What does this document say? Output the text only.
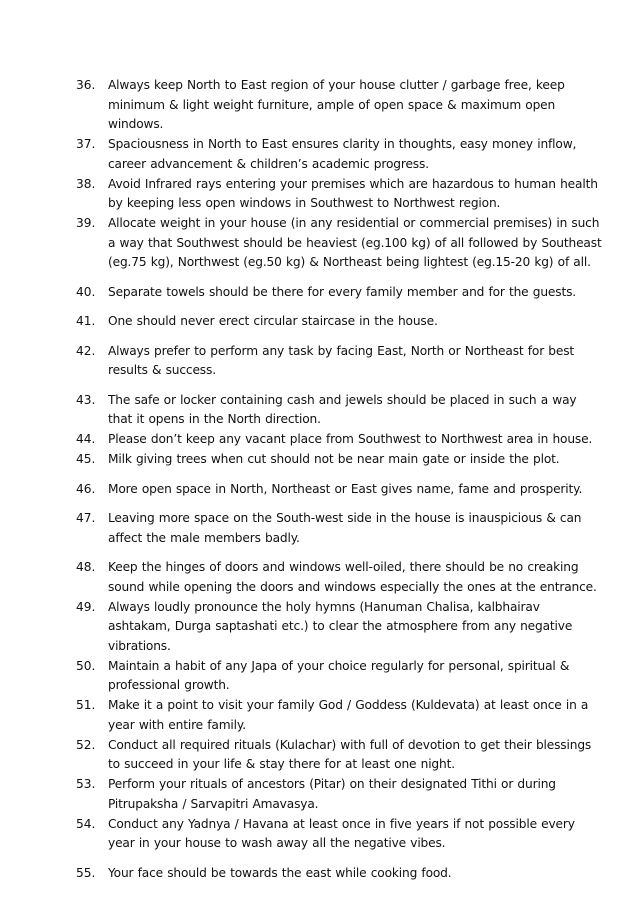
36.	Always keep North to East region of your house clutter / garbage free, keep minimum & light weight furniture, ample of open space & maximum open windows.
37.	Spaciousness in North to East ensures clarity in thoughts, easy money inflow, career advancement & children’s academic progress.
38.	Avoid Infrared rays entering your premises which are hazardous to human health by keeping less open windows in Southwest to Northwest region.
39.	Allocate weight in your house (in any residential or commercial premises) in such a way that Southwest should be heaviest (eg.100 kg) of all followed by Southeast (eg.75 kg), Northwest (eg.50 kg) & Northeast being lightest (eg.15-20 kg) of all.
40.	Separate towels should be there for every family member and for the guests.
41.	One should never erect circular staircase in the house.
42.	Always prefer to perform any task by facing East, North or Northeast for best results & success.
43.	The safe or locker containing cash and jewels should be placed in such a way that it opens in the North direction.
44.	Please don’t keep any vacant place from Southwest to Northwest area in house.
45.	Milk giving trees when cut should not be near main gate or inside the plot.
46.	More open space in North, Northeast or East gives name, fame and prosperity.
47.	Leaving more space on the South-west side in the house is inauspicious & can affect the male members badly.
48.	Keep the hinges of doors and windows well-oiled, there should be no creaking sound while opening the doors and windows especially the ones at the entrance.
49.	Always loudly pronounce the holy hymns (Hanuman Chalisa, kalbhairav ashtakam, Durga saptashati etc.) to clear the atmosphere from any negative vibrations.
50.	Maintain a habit of any Japa of your choice regularly for personal, spiritual & professional growth.
51.	Make it a point to visit your family God / Goddess (Kuldevata) at least once in a year with entire family.
52.	Conduct all required rituals (Kulachar) with full of devotion to get their blessings to succeed in your life & stay there for at least one night.
53.	Perform your rituals of ancestors (Pitar) on their designated Tithi or during Pitrupaksha / Sarvapitri Amavasya.
54.	Conduct any Yadnya / Havana at least once in five years if not possible every year in your house to wash away all the negative vibes.
55.	Your face should be towards the east while cooking food.
